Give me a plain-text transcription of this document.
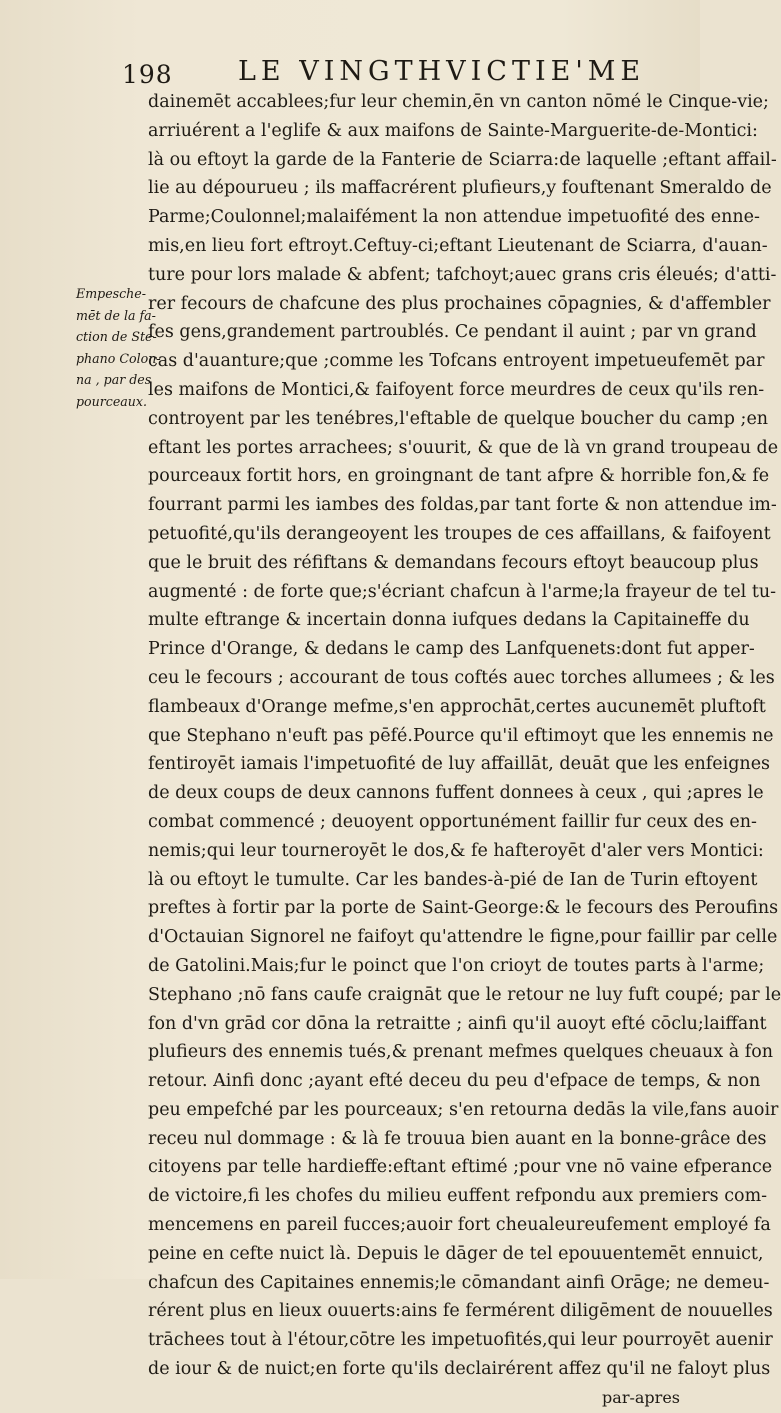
198 LE VINGTHVICTIE'ME
Empesche-
mēt de la fa-
ction de Ste-
phano Colon-
na , par des
pourceaux.
dainemēt accablees;fur leur chemin,ēn vn canton nōmé le Cinque-vie;
arriuérent a l'eglife & aux maifons de Sainte-Marguerite-de-Montici:
là ou eftoyt la garde de la Fanterie de Sciarra:de laquelle ;eftant affail-
lie au dépourueu ; ils maffacrérent plufieurs,y fouftenant Smeraldo de
Parme;Coulonnel;malaifément la non attendue impetuofité des enne-
mis,en lieu fort eftroyt.Ceftuy-ci;eftant Lieutenant de Sciarra, d'auan-
ture pour lors malade & abfent; tafchoyt;auec grans cris éleués; d'atti-
rer fecours de chafcune des plus prochaines cōpagnies, & d'affembler
fes gens,grandement partroublés. Ce pendant il auint ; par vn grand
cas d'auanture;que ;comme les Tofcans entroyent impetueufemēt par
les maifons de Montici,& faifoyent force meurdres de ceux qu'ils ren-
controyent par les tenébres,l'eftable de quelque boucher du camp ;en
eftant les portes arrachees; s'ouurit, & que de là vn grand troupeau de
pourceaux fortit hors, en groingnant de tant afpre & horrible fon,& fe
fourrant parmi les iambes des foldas,par tant forte & non attendue im-
petuofité,qu'ils derangeoyent les troupes de ces affaillans, & faifoyent
que le bruit des réfiftans & demandans fecours eftoyt beaucoup plus
augmenté : de forte que;s'écriant chafcun à l'arme;la frayeur de tel tu-
multe eftrange & incertain donna iufques dedans la Capitaineffe du
Prince d'Orange, & dedans le camp des Lanfquenets:dont fut apper-
ceu le fecours ; accourant de tous coftés auec torches allumees ; & les
flambeaux d'Orange mefme,s'en approchāt,certes aucunemēt pluftoft
que Stephano n'euft pas pēfé.Pource qu'il eftimoyt que les ennemis ne
fentiroyēt iamais l'impetuofité de luy affaillāt, deuāt que les enfeignes
de deux coups de deux cannons fuffent donnees à ceux , qui ;apres le
combat commencé ; deuoyent opportunément faillir fur ceux des en-
nemis;qui leur tourneroyēt le dos,& fe hafteroyēt d'aler vers Montici:
là ou eftoyt le tumulte. Car les bandes-à-pié de Ian de Turin eftoyent
preftes à fortir par la porte de Saint-George:& le fecours des Peroufins
d'Octauian Signorel ne faifoyt qu'attendre le figne,pour faillir par celle
de Gatolini.Mais;fur le poinct que l'on crioyt de toutes parts à l'arme;
Stephano ;nō fans caufe craignāt que le retour ne luy fuft coupé; par le
fon d'vn grād cor dōna la retraitte ; ainfi qu'il auoyt efté cōclu;laiffant
plufieurs des ennemis tués,& prenant mefmes quelques cheuaux à fon
retour. Ainfi donc ;ayant efté deceu du peu d'efpace de temps, & non
peu empefché par les pourceaux; s'en retourna dedās la vile,fans auoir
receu nul dommage : & là fe trouua bien auant en la bonne-grâce des
citoyens par telle hardieffe:eftant eftimé ;pour vne nō vaine efperance
de victoire,fi les chofes du milieu euffent refpondu aux premiers com-
mencemens en pareil fucces;auoir fort cheualeureufement employé fa
peine en cefte nuict là. Depuis le dāger de tel epouuentemēt ennuict,
chafcun des Capitaines ennemis;le cōmandant ainfi Orāge; ne demeu-
rérent plus en lieux ouuerts:ains fe fermérent diligēment de nouuelles
trāchees tout à l'étour,cōtre les impetuofités,qui leur pourroyēt auenir
de iour & de nuict;en forte qu'ils declairérent affez qu'il ne faloyt plus
par-apres
